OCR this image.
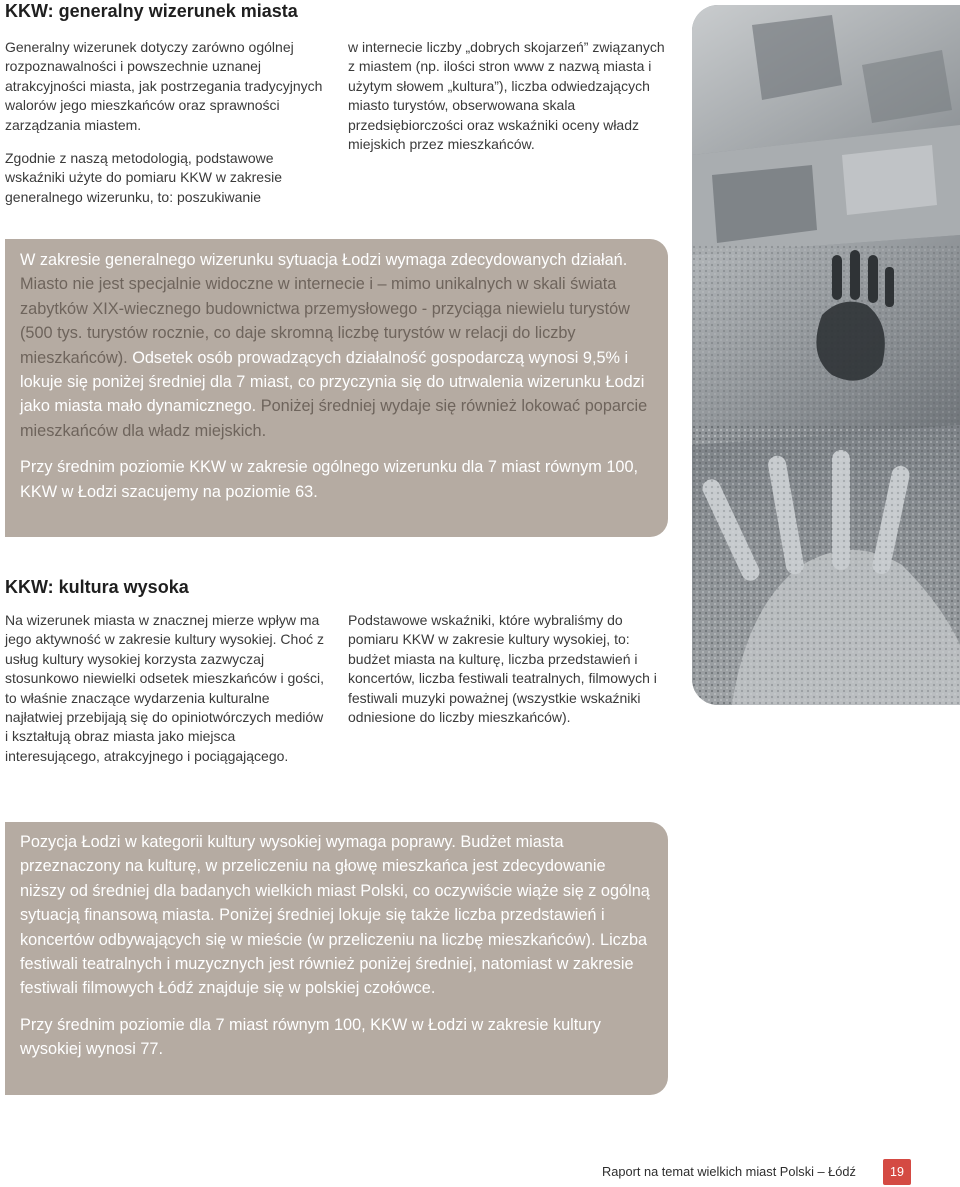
KKW: generalny wizerunek miasta

Generalny wizerunek dotyczy zarówno ogólnej rozpoznawalności i powszechnie uznanej atrakcyjności miasta, jak postrzegania tradycyjnych walorów jego mieszkańców oraz sprawności zarządzania miastem.

Zgodnie z naszą metodologią, podstawowe wskaźniki użyte do pomiaru KKW w zakresie generalnego wizerunku, to: poszukiwanie

w internecie liczby „dobrych skojarzeń” związanych z miastem (np. ilości stron www z nazwą miasta i użytym słowem „kultura”), liczba odwiedzających miasto turystów, obserwowana skala przedsiębiorczości oraz wskaźniki oceny władz miejskich przez mieszkańców.

W zakresie generalnego wizerunku sytuacja Łodzi wymaga zdecydowanych działań. Miasto nie jest specjalnie widoczne w internecie i – mimo unikalnych w skali świata zabytków XIX-wiecznego budownictwa przemysłowego - przyciąga niewielu turystów (500 tys. turystów rocznie, co daje skromną liczbę turystów w relacji do liczby mieszkańców). Odsetek osób prowadzących działalność gospodarczą wynosi 9,5% i lokuje się poniżej średniej dla 7 miast, co przyczynia się do utrwalenia wizerunku Łodzi jako miasta mało dynamicznego. Poniżej średniej wydaje się również lokować poparcie mieszkańców dla władz miejskich.

Przy średnim poziomie KKW w zakresie ogólnego wizerunku dla 7 miast równym 100, KKW w Łodzi szacujemy na poziomie 63.

KKW: kultura wysoka

Na wizerunek miasta w znacznej mierze wpływ ma jego aktywność w zakresie kultury wysokiej. Choć z usług kultury wysokiej korzysta zazwyczaj stosunkowo niewielki odsetek mieszkańców i gości, to właśnie znaczące wydarzenia kulturalne najłatwiej przebijają się do opiniotwórczych mediów i kształtują obraz miasta jako miejsca interesującego, atrakcyjnego i pociągającego.

Podstawowe wskaźniki, które wybraliśmy do pomiaru KKW w zakresie kultury wysokiej, to: budżet miasta na kulturę, liczba przedstawień i koncertów, liczba festiwali teatralnych, filmowych i festiwali muzyki poważnej (wszystkie wskaźniki odniesione do liczby mieszkańców).

Pozycja Łodzi w kategorii kultury wysokiej wymaga poprawy. Budżet miasta przeznaczony na kulturę, w przeliczeniu na głowę mieszkańca jest zdecydowanie niższy od średniej dla badanych wielkich miast Polski, co oczywiście wiąże się z ogólną sytuacją finansową miasta. Poniżej średniej lokuje się także liczba przedstawień i koncertów odbywających się w mieście (w przeliczeniu na liczbę mieszkańców). Liczba festiwali teatralnych i muzycznych jest również poniżej średniej, natomiast w zakresie festiwali filmowych Łódź znajduje się w polskiej czołówce.

Przy średnim poziomie dla 7 miast równym 100, KKW w Łodzi w zakresie kultury wysokiej wynosi 77.

Raport na temat wielkich miast Polski – Łódź	19
